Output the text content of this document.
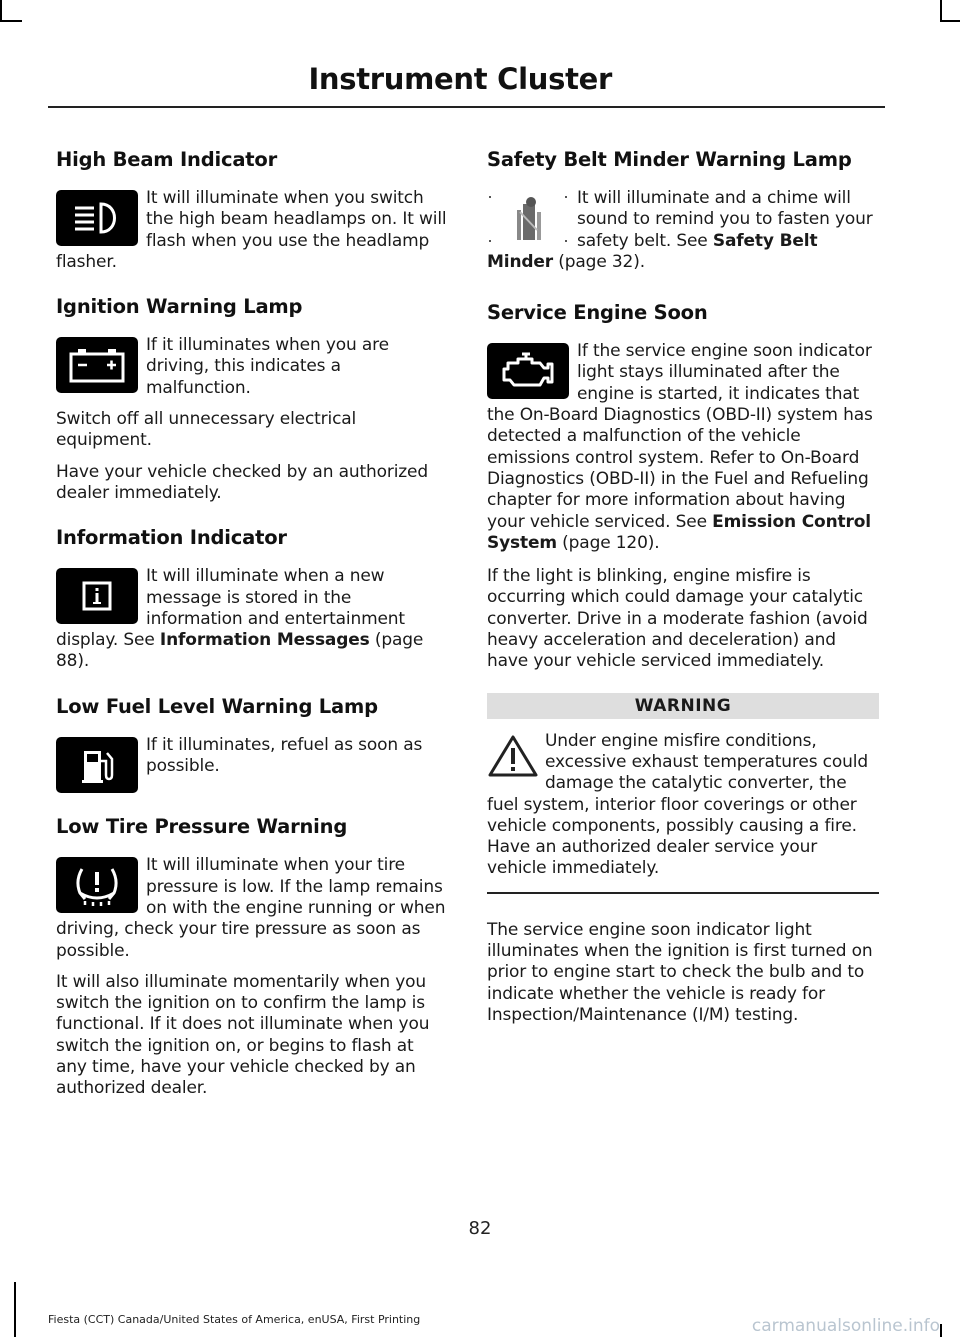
Instrument Cluster
High Beam Indicator

It will illuminate when you switch the high beam headlamps on. It will flash when you use the headlamp flasher.

Ignition Warning Lamp

If it illuminates when you are driving, this indicates a malfunction.

Switch off all unnecessary electrical equipment.

Have your vehicle checked by an authorized dealer immediately.

Information Indicator

It will illuminate when a new message is stored in the information and entertainment display. See Information Messages (page 88).

Low Fuel Level Warning Lamp

If it illuminates, refuel as soon as possible.

Low Tire Pressure Warning

It will illuminate when your tire pressure is low. If the lamp remains on with the engine running or when driving, check your tire pressure as soon as possible.

It will also illuminate momentarily when you switch the ignition on to confirm the lamp is functional. If it does not illuminate when you switch the ignition on, or begins to flash at any time, have your vehicle checked by an authorized dealer.

Safety Belt Minder Warning Lamp

It will illuminate and a chime will sound to remind you to fasten your safety belt. See Safety Belt Minder (page 32).

Service Engine Soon

If the service engine soon indicator light stays illuminated after the engine is started, it indicates that the On-Board Diagnostics (OBD-II) system has detected a malfunction of the vehicle emissions control system. Refer to On-Board Diagnostics (OBD-II) in the Fuel and Refueling chapter for more information about having your vehicle serviced. See Emission Control System (page 120).

If the light is blinking, engine misfire is occurring which could damage your catalytic converter. Drive in a moderate fashion (avoid heavy acceleration and deceleration) and have your vehicle serviced immediately.

WARNING

Under engine misfire conditions, excessive exhaust temperatures could damage the catalytic converter, the fuel system, interior floor coverings or other vehicle components, possibly causing a fire. Have an authorized dealer service your vehicle immediately.

The service engine soon indicator light illuminates when the ignition is first turned on prior to engine start to check the bulb and to indicate whether the vehicle is ready for Inspection/Maintenance (I/M) testing.

82
Fiesta (CCT) Canada/United States of America, enUSA, First Printing	carmanualsonline.info
